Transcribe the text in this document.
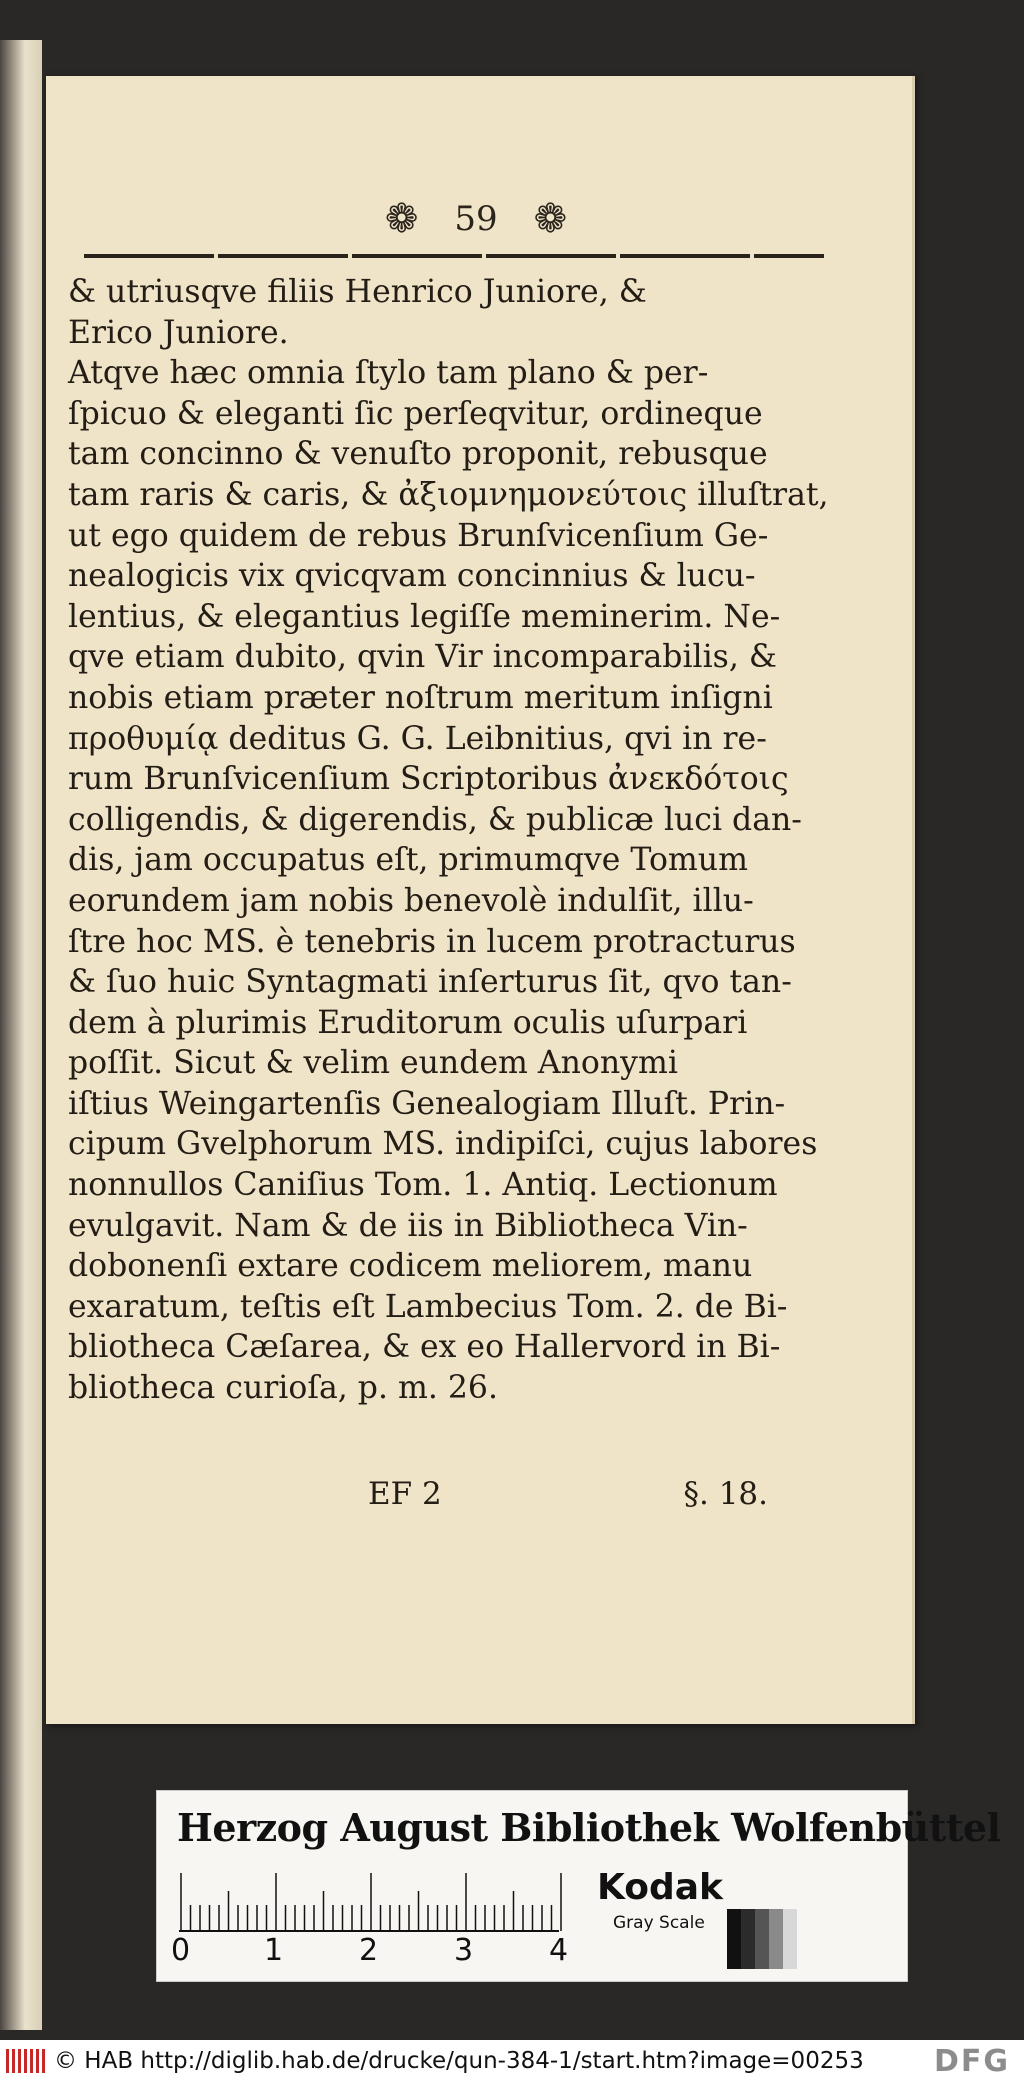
❁ 59 ❁
& utriusqve filiis Henrico Juniore, &
Erico Juniore.
Atqve hæc omnia ſtylo tam plano & per-
ſpicuo & eleganti ſic perſeqvitur, ordineque
tam concinno & venuſto proponit, rebusque
tam raris & caris, & ἀξιομνημονεύτοις illuſtrat,
ut ego quidem de rebus Brunſvicenſium Ge-
nealogicis vix qvicqvam concinnius & lucu-
lentius, & elegantius legiſſe meminerim. Ne-
qve etiam dubito, qvin Vir incomparabilis, &
nobis etiam præter noſtrum meritum inſigni
προθυμίᾳ deditus G. G. Leibnitius, qvi in re-
rum Brunſvicenſium Scriptoribus ἀνεκδότοις
colligendis, & digerendis, & publicæ luci dan-
dis, jam occupatus eſt, primumqve Tomum
eorundem jam nobis benevolè indulſit, illu-
ſtre hoc MS. è tenebris in lucem protracturus
& ſuo huic Syntagmati inſerturus ſit, qvo tan-
dem à plurimis Eruditorum oculis uſurpari
poſſit. Sicut & velim eundem Anonymi
iſtius Weingartenſis Genealogiam Illuſt. Prin-
cipum Gvelphorum MS. indipiſci, cujus labores
nonnullos Caniſius Tom. 1. Antiq. Lectionum
evulgavit. Nam & de iis in Bibliotheca Vin-
dobonenſi extare codicem meliorem, manu
exaratum, teſtis eſt Lambecius Tom. 2. de Bi-
bliotheca Cæſarea, & ex eo Hallervord in Bi-
bliotheca curioſa, p. m. 26.
EF 2	§. 18.
Herzog August Bibliothek Wolfenbüttel
0 1	2	3	4
Kodak
Gray Scale
© HAB http://diglib.hab.de/drucke/qun-384-1/start.htm?image=00253 DFG
